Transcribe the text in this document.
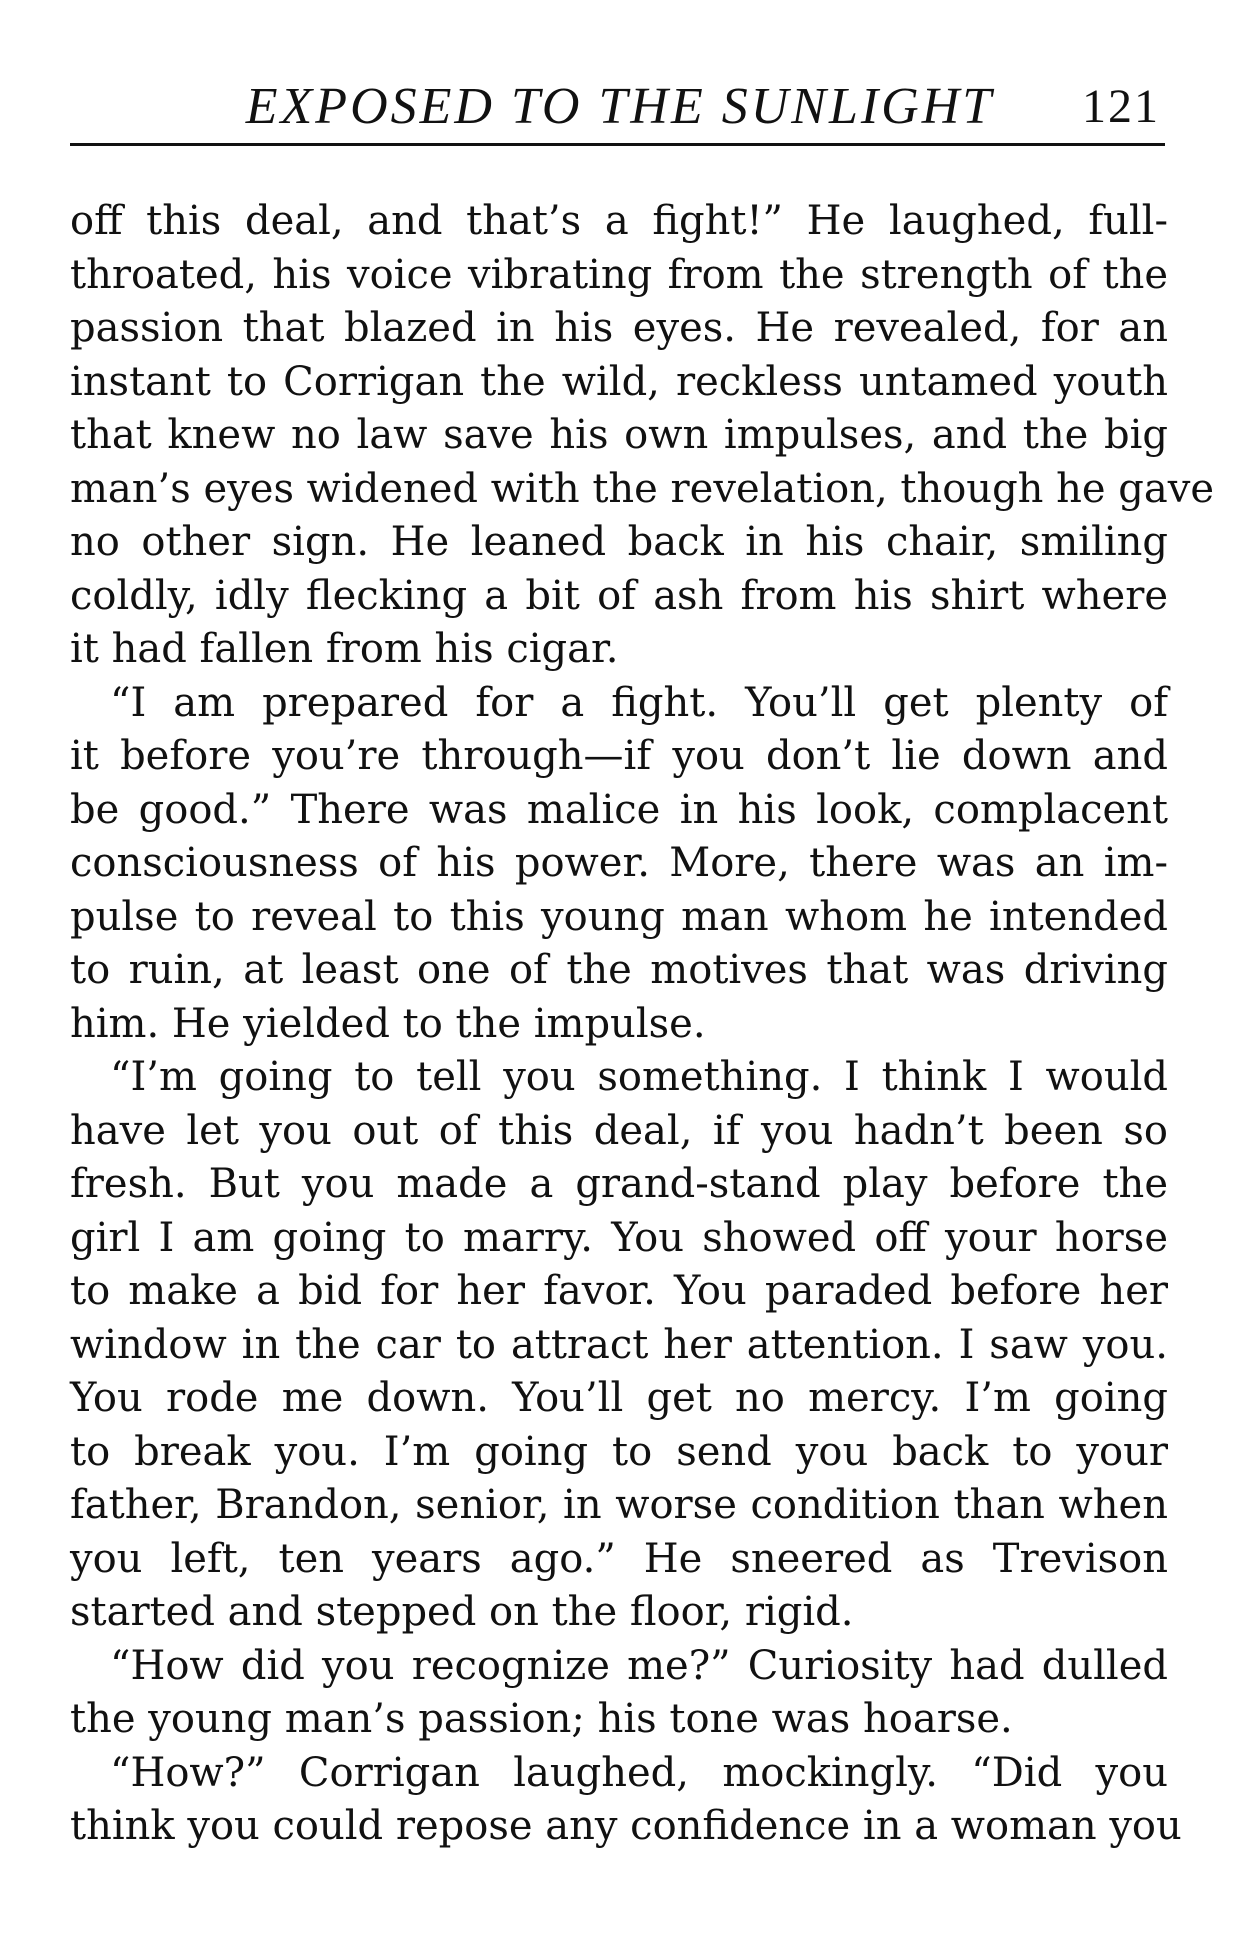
EXPOSED TO THE SUNLIGHT	121
off this deal, and that’s a fight!” He laughed, full-
throated, his voice vibrating from the strength of the
passion that blazed in his eyes. He revealed, for an
instant to Corrigan the wild, reckless untamed youth
that knew no law save his own impulses, and the big
man’s eyes widened with the revelation, though he gave
no other sign. He leaned back in his chair, smiling
coldly, idly flecking a bit of ash from his shirt where
it had fallen from his cigar.
“I am prepared for a fight. You’ll get plenty of
it before you’re through—if you don’t lie down and
be good.” There was malice in his look, complacent
consciousness of his power. More, there was an im-
pulse to reveal to this young man whom he intended
to ruin, at least one of the motives that was driving
him. He yielded to the impulse.
“I’m going to tell you something. I think I would
have let you out of this deal, if you hadn’t been so
fresh. But you made a grand-stand play before the
girl I am going to marry. You showed off your horse
to make a bid for her favor. You paraded before her
window in the car to attract her attention. I saw you.
You rode me down. You’ll get no mercy. I’m going
to break you. I’m going to send you back to your
father, Brandon, senior, in worse condition than when
you left, ten years ago.” He sneered as Trevison
started and stepped on the floor, rigid.
“How did you recognize me?” Curiosity had dulled
the young man’s passion; his tone was hoarse.
“How?” Corrigan laughed, mockingly. “Did you
think you could repose any confidence in a woman you
